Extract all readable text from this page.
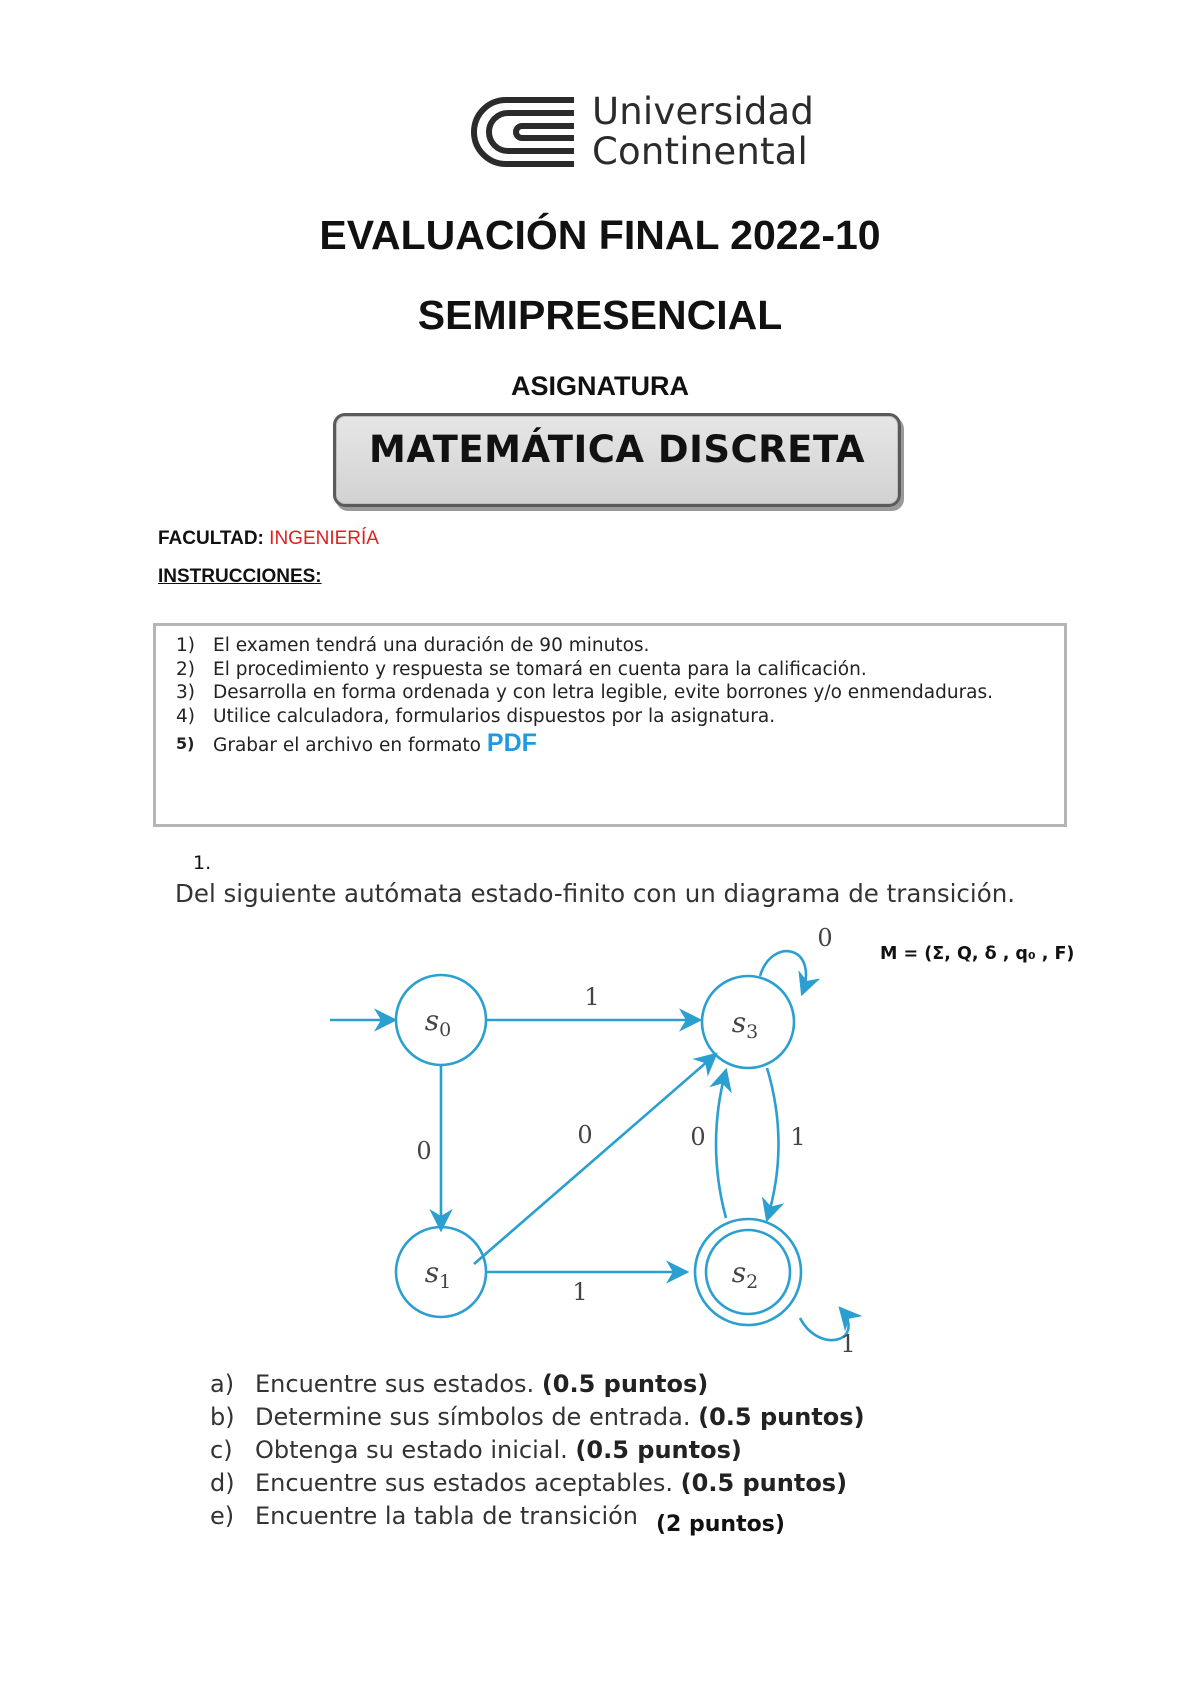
Universidad
Continental
EVALUACIÓN FINAL 2022-10
SEMIPRESENCIAL
ASIGNATURA
MATEMÁTICA DISCRETA
FACULTAD: INGENIERÍA
INSTRUCCIONES:
1) El examen tendrá una duración de 90 minutos.
2) El procedimiento y respuesta se tomará en cuenta para la calificación.
3) Desarrolla en forma ordenada y con letra legible, evite borrones y/o enmendaduras.
4) Utilice calculadora, formularios dispuestos por la asignatura.
5) Grabar el archivo en formato PDF
1.
Del siguiente autómata estado-finito con un diagrama de transición.
M = (Σ, Q, δ , q₀ , F)
$s_0$
$s_1$	$s_2$
$s_3$
1
0
0	0	1
1
0
1
a) Encuentre sus estados. (0.5 puntos)
b) Determine sus símbolos de entrada. (0.5 puntos)
c) Obtenga su estado inicial. (0.5 puntos)
d) Encuentre sus estados aceptables. (0.5 puntos)
e) Encuentre la tabla de transición (2 puntos)
